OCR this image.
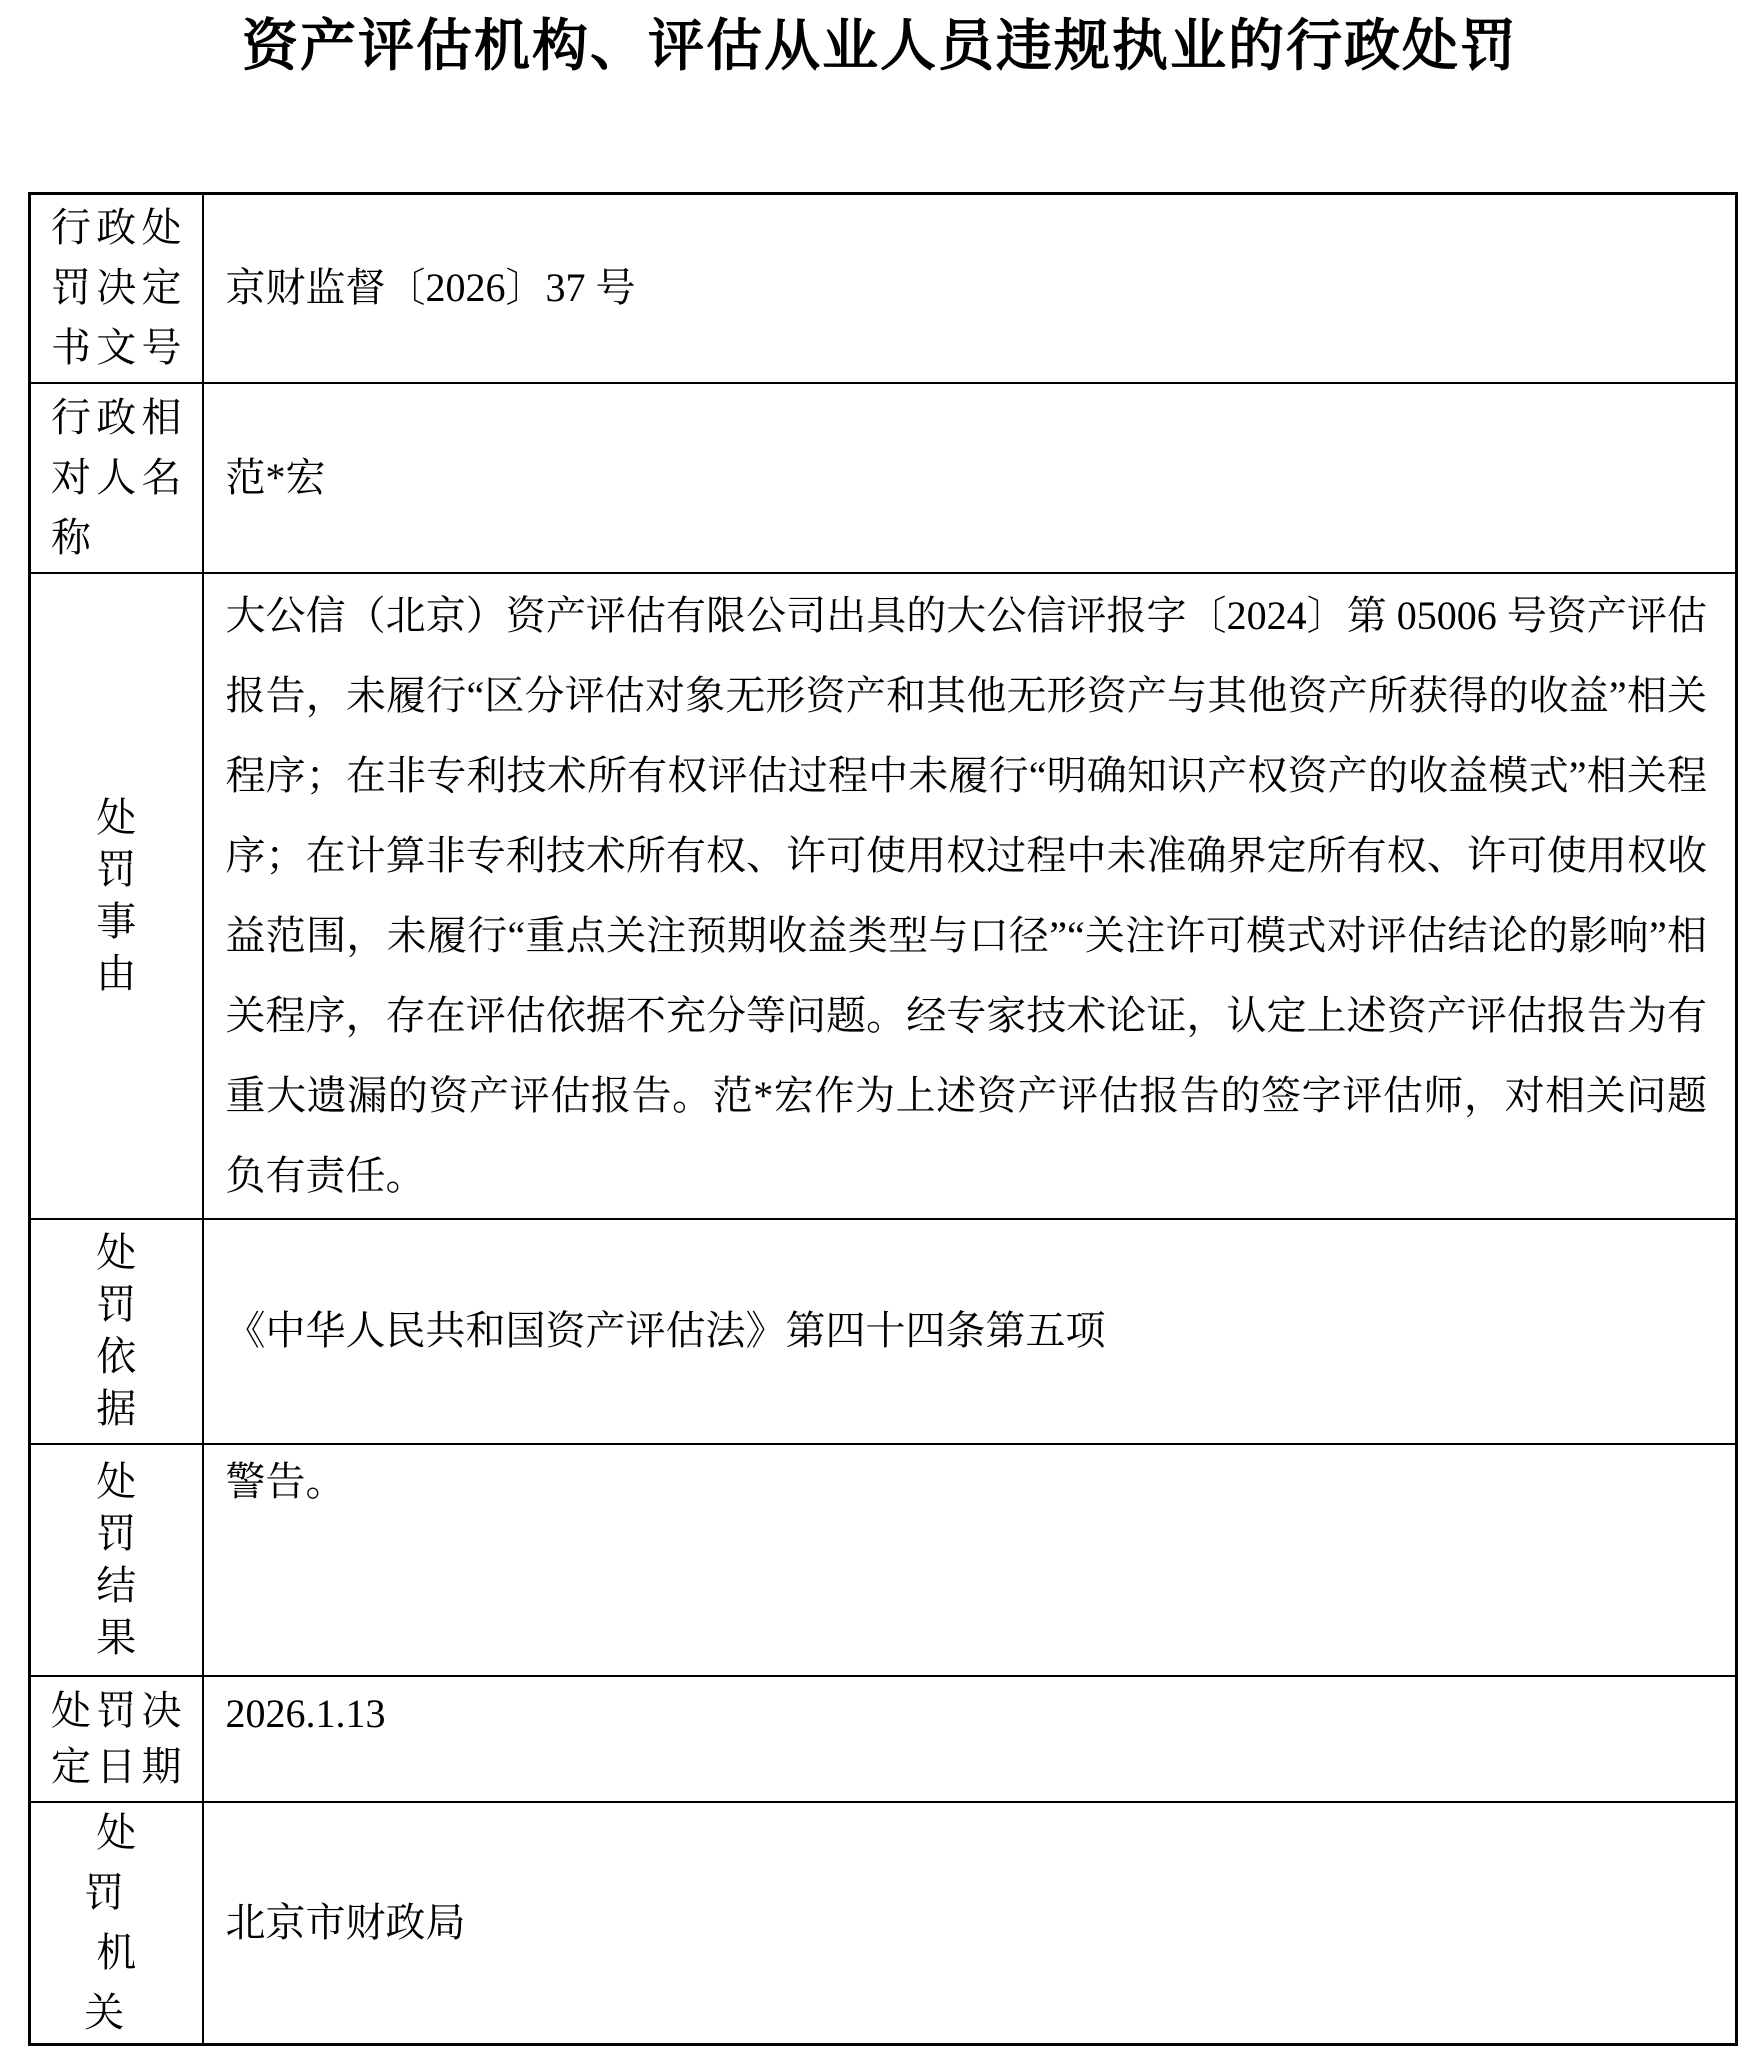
资产评估机构、评估从业人员违规执业的行政处罚
行政处
罚决定
书文号	京财监督〔2026〕37 号

行政相
对人名
称	范*宏

处
罚
事
由
	大公信（北京）资产评估有限公司出具的大公信评报字〔2024〕第 05006 号资产评估报告，未履行“区分评估对象无形资产和其他无形资产与其他资产所获得的收益”相关程序；在非专利技术所有权评估过程中未履行“明确知识产权资产的收益模式”相关程序；在计算非专利技术所有权、许可使用权过程中未准确界定所有权、许可使用权收益范围，未履行“重点关注预期收益类型与口径”“关注许可模式对评估结论的影响”相关程序，存在评估依据不充分等问题。经专家技术论证，认定上述资产评估报告为有重大遗漏的资产评估报告。范*宏作为上述资产评估报告的签字评估师，对相关问题负有责任。

处
罚
依
据	《中华人民共和国资产评估法》第四十四条第五项

处
罚
结
果	警告。

处罚决
定日期	2026.1.13

处罚
机关	北京市财政局
